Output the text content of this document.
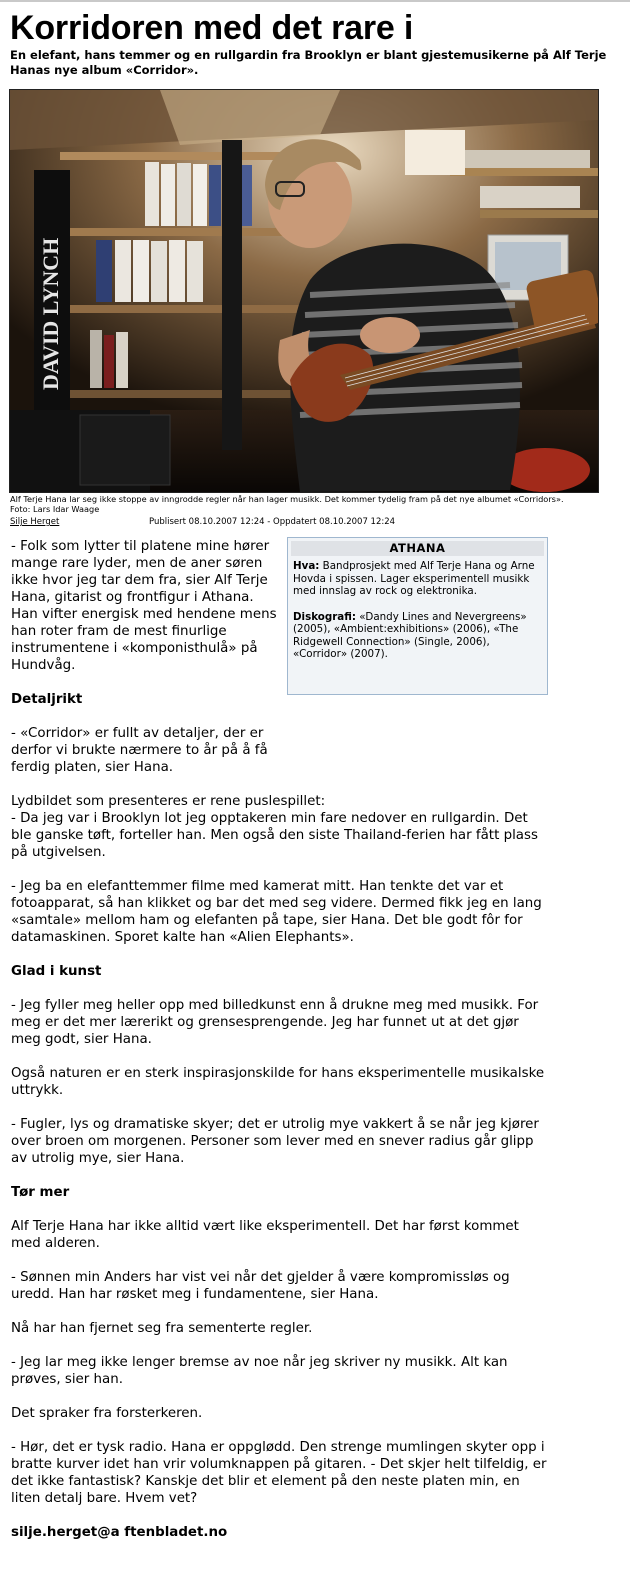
Korridoren med det rare i

En elefant, hans temmer og en rullgardin fra Brooklyn er blant gjestemusikerne på Alf Terje Hanas nye album «Corridor».

DAVID LYNCH
Alf Terje Hana lar seg ikke stoppe av inngrodde regler når han lager musikk. Det kommer tydelig fram på det nye albumet «Corridors».
Foto: Lars Idar Waage
Silje Herget	Publisert 08.10.2007 12:24 - Oppdatert 08.10.2007 12:24
ATHANA
Hva: Bandprosjekt med Alf Terje Hana og Arne Hovda i spissen. Lager eksperimentell musikk med innslag av rock og elektronika.
Diskografi: «Dandy Lines and Nevergreens» (2005), «Ambient:exhibitions» (2006), «The Ridgewell Connection» (Single, 2006), «Corridor» (2007).

- Folk som lytter til platene mine hører mange rare lyder, men de aner søren ikke hvor jeg tar dem fra, sier Alf Terje Hana, gitarist og frontfigur i Athana. Han vifter energisk med hendene mens han roter fram de mest finurlige instrumentene i «komponisthulå» på Hundvåg.

Detaljrikt

- «Corridor» er fullt av detaljer, der er derfor vi brukte nærmere to år på å få ferdig platen, sier Hana.

Lydbildet som presenteres er rene puslespillet:
- Da jeg var i Brooklyn lot jeg opptakeren min fare nedover en rullgardin. Det ble ganske tøft, forteller han. Men også den siste Thailand-ferien har fått plass på utgivelsen.

- Jeg ba en elefanttemmer filme med kamerat mitt. Han tenkte det var et fotoapparat, så han klikket og bar det med seg videre. Dermed fikk jeg en lang «samtale» mellom ham og elefanten på tape, sier Hana. Det ble godt fôr for datamaskinen. Sporet kalte han «Alien Elephants».

Glad i kunst

- Jeg fyller meg heller opp med billedkunst enn å drukne meg med musikk. For meg er det mer lærerikt og grensesprengende. Jeg har funnet ut at det gjør meg godt, sier Hana.

Også naturen er en sterk inspirasjonskilde for hans eksperimentelle musikalske uttrykk.

- Fugler, lys og dramatiske skyer; det er utrolig mye vakkert å se når jeg kjører over broen om morgenen. Personer som lever med en snever radius går glipp av utrolig mye, sier Hana.

Tør mer

Alf Terje Hana har ikke alltid vært like eksperimentell. Det har først kommet med alderen.

- Sønnen min Anders har vist vei når det gjelder å være kompromissløs og uredd. Han har røsket meg i fundamentene, sier Hana.

Nå har han fjernet seg fra sementerte regler.

- Jeg lar meg ikke lenger bremse av noe når jeg skriver ny musikk. Alt kan prøves, sier han.

Det spraker fra forsterkeren.

- Hør, det er tysk radio. Hana er oppglødd. Den strenge mumlingen skyter opp i bratte kurver idet han vrir volumknappen på gitaren. - Det skjer helt tilfeldig, er det ikke fantastisk? Kanskje det blir et element på den neste platen min, en liten detalj bare. Hvem vet?

silje.herget@a ftenbladet.no
